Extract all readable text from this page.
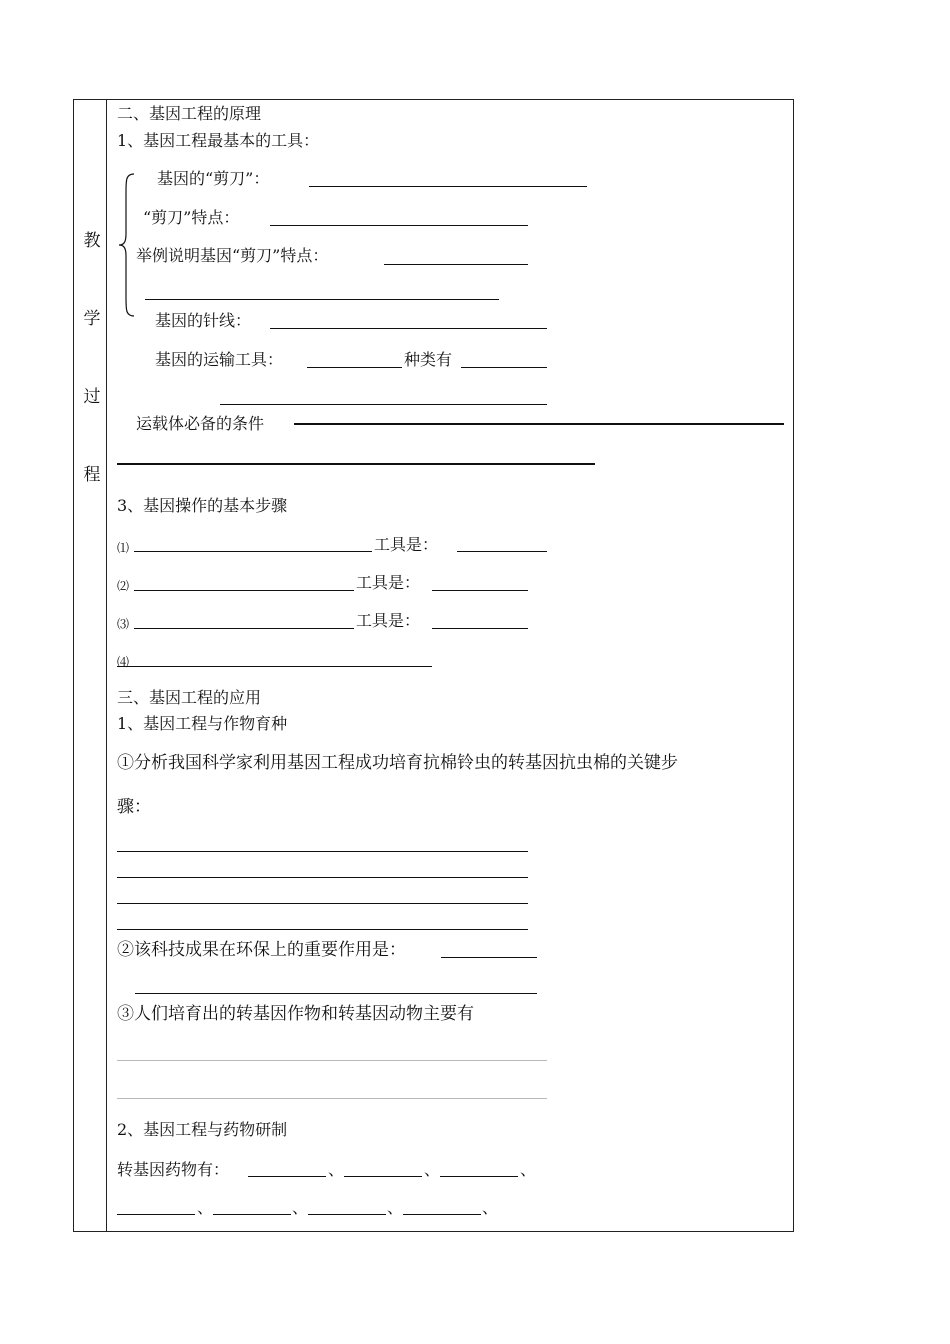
教
学
过
程
二、基因工程的原理
1、基因工程最基本的工具：
基因的“剪刀”：
“剪刀”特点：
举例说明基因“剪刀”特点：
基因的针线：
基因的运输工具：	种类有
运载体必备的条件
3、基因操作的基本步骤
⑴	工具是：
⑵	工具是：
⑶	工具是：
⑷
三、基因工程的应用
1、基因工程与作物育种
①分析我国科学家利用基因工程成功培育抗棉铃虫的转基因抗虫棉的关键步
骤：
②该科技成果在环保上的重要作用是：
③人们培育出的转基因作物和转基因动物主要有
2、基因工程与药物研制
转基因药物有：	、	、	、
、	、	、	、
